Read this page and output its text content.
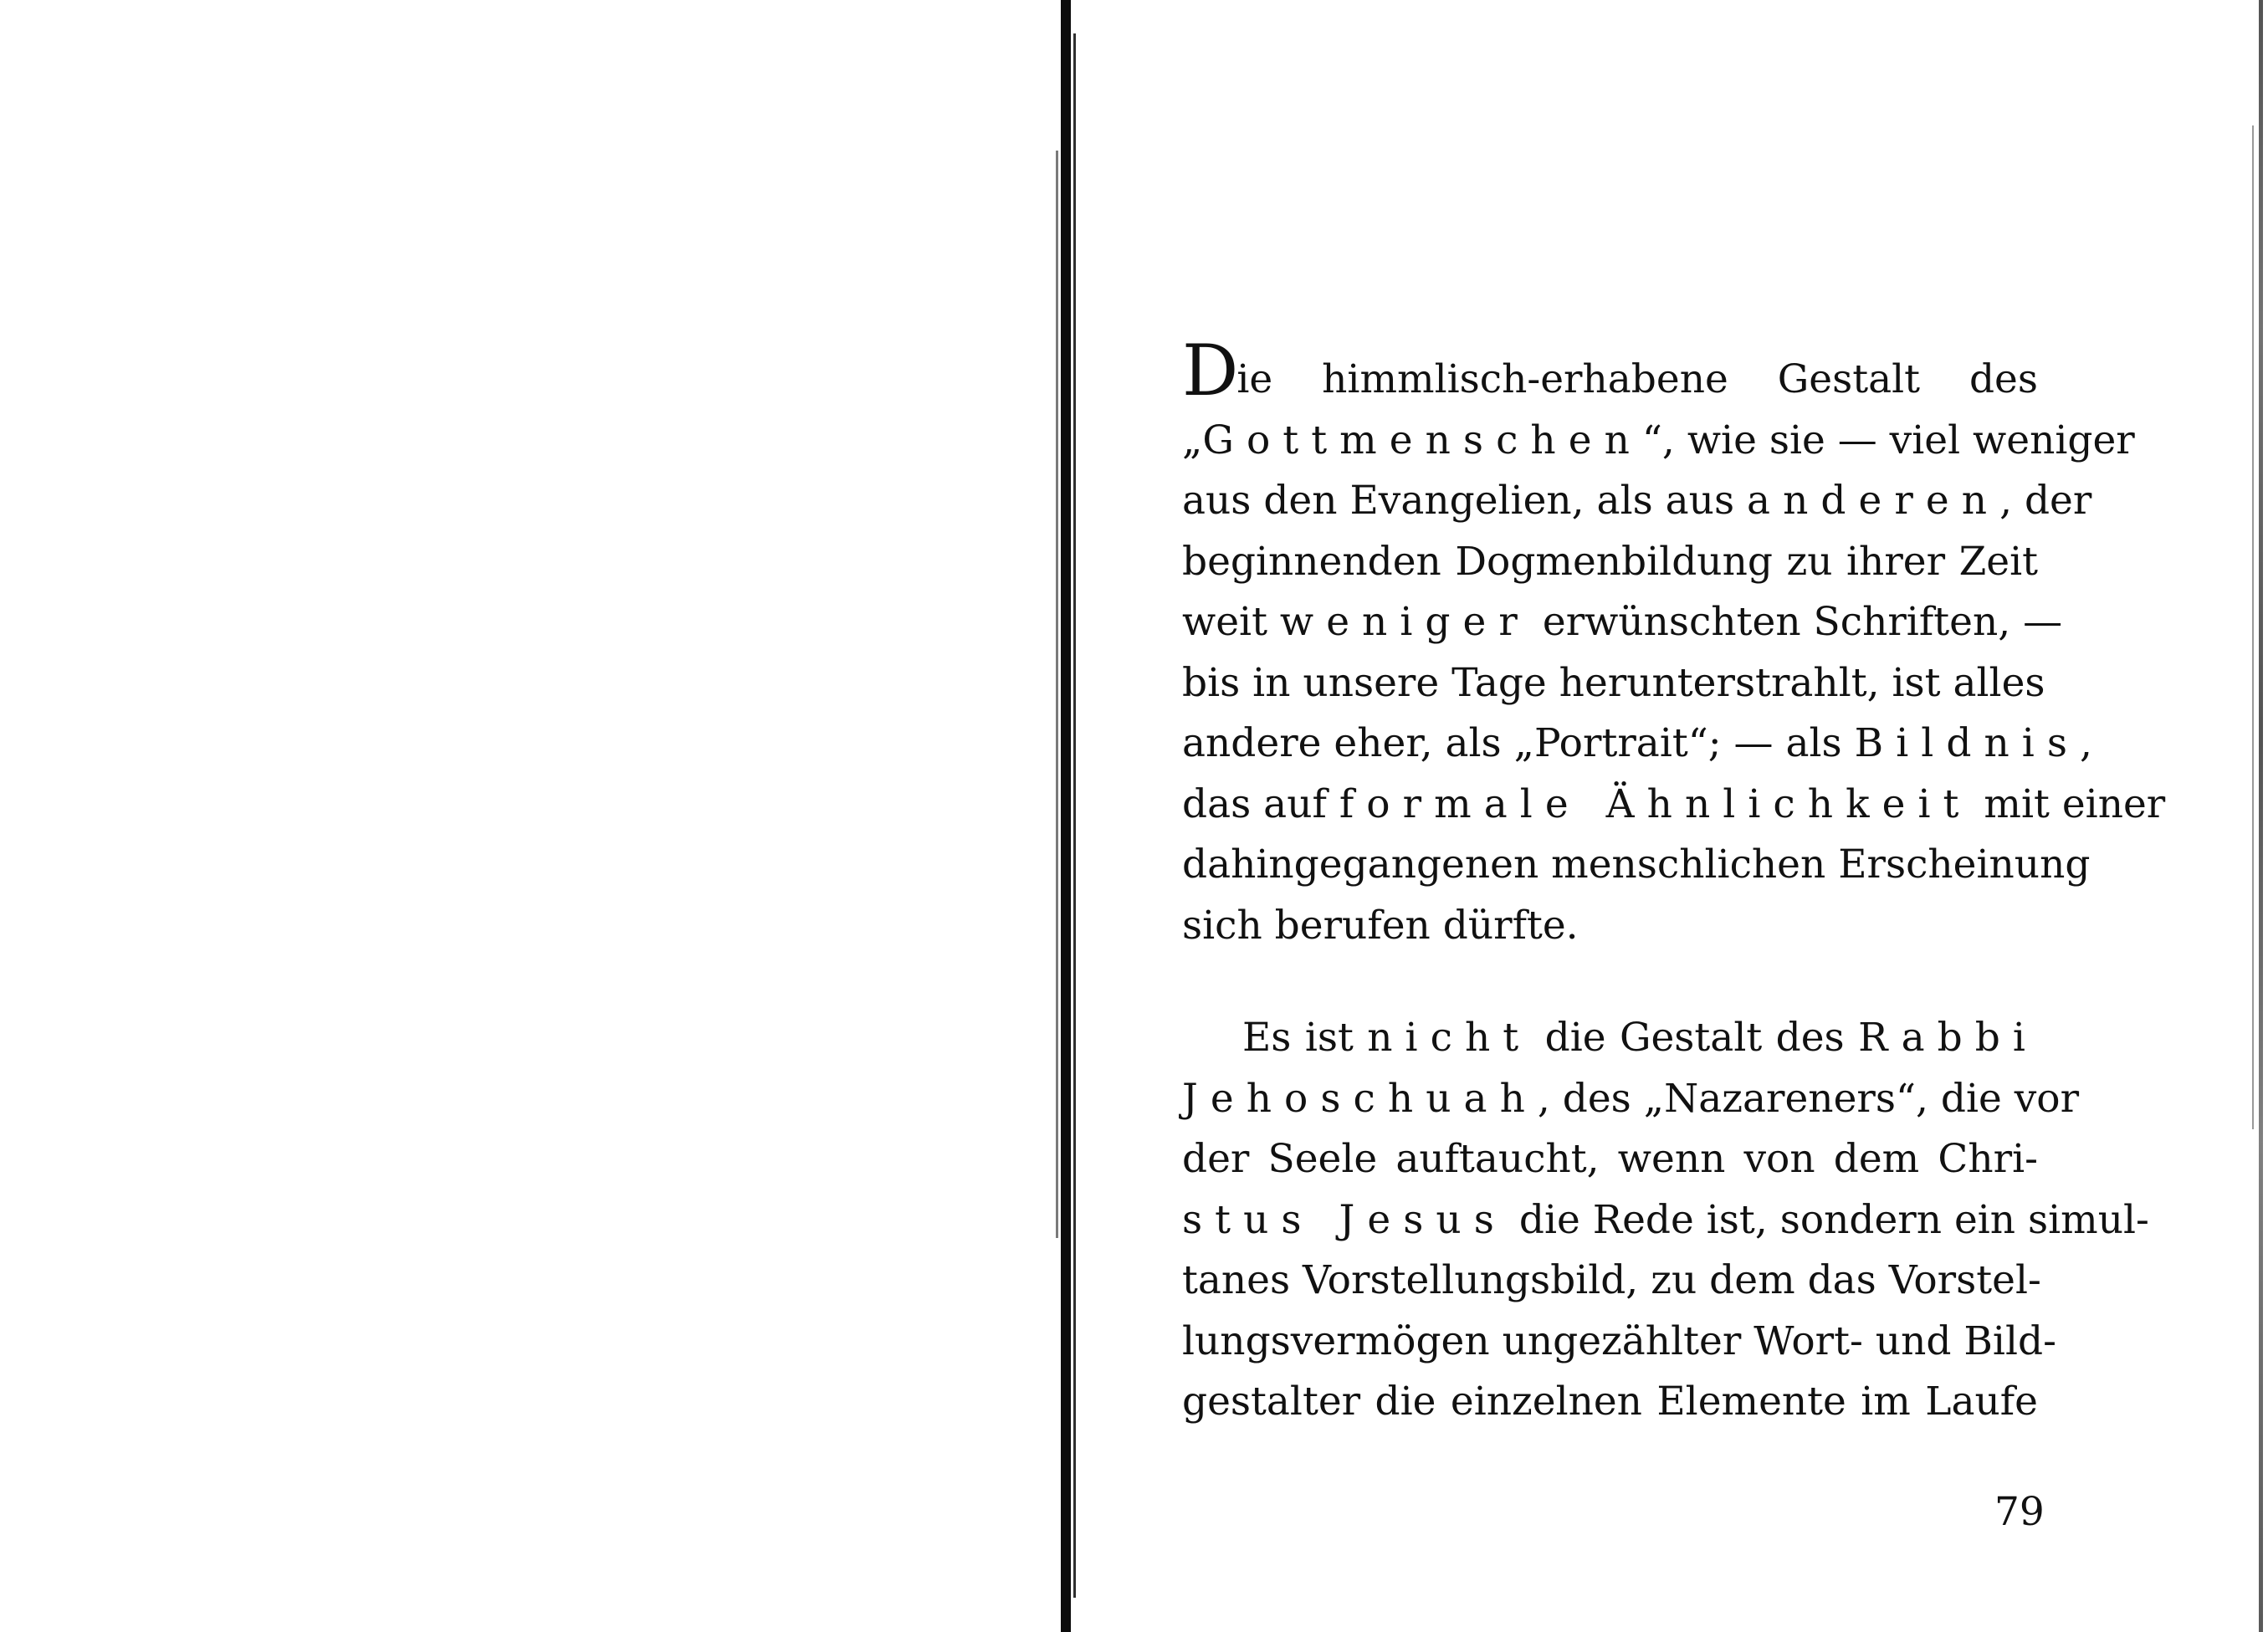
Die himmlisch-erhabene Gestalt des
„Gottmenschen“, wie sie — viel weniger
aus den Evangelien, als aus anderen, der
beginnenden Dogmenbildung zu ihrer Zeit
weit weniger erwünschten Schriften, —
bis in unsere Tage herunterstrahlt, ist alles
andere eher, als „Portrait“; — als Bildnis,
das auf formale Ähnlichkeit mit einer
dahingegangenen menschlichen Erscheinung
sich berufen dürfte.

Es ist nicht die Gestalt des Rabbi
Jehoschuah, des „Nazareners“, die vor
der Seele auftaucht, wenn von dem Chri-
stus Jesus die Rede ist, sondern ein simul-
tanes Vorstellungsbild, zu dem das Vorstel-
lungsvermögen ungezählter Wort- und Bild-
gestalter die einzelnen Elemente im Laufe

79
